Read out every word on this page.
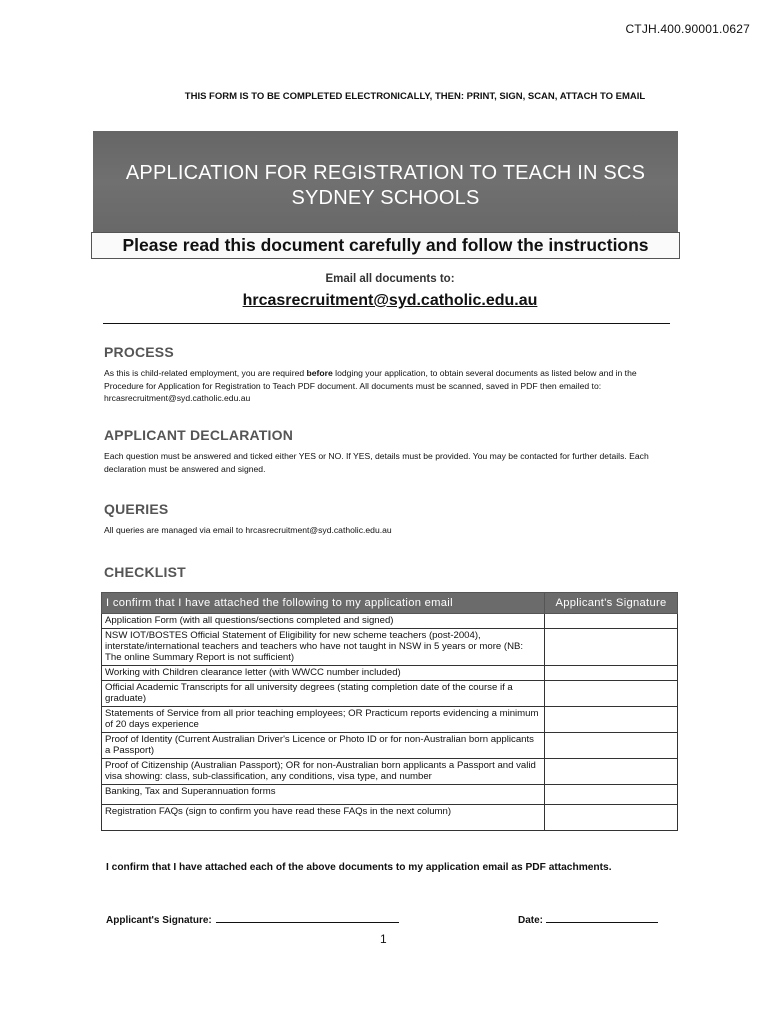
CTJH.400.90001.0627
THIS FORM IS TO BE COMPLETED ELECTRONICALLY, THEN: PRINT, SIGN, SCAN, ATTACH TO EMAIL
APPLICATION FOR REGISTRATION TO TEACH IN SCS
SYDNEY SCHOOLS
Please read this document carefully and follow the instructions
Email all documents to:
hrcasrecruitment@syd.catholic.edu.au
PROCESS

As this is child-related employment, you are required before lodging your application, to obtain several documents as listed below and in the Procedure for Application for Registration to Teach PDF document. All documents must be scanned, saved in PDF then emailed to: hrcasrecruitment@syd.catholic.edu.au

APPLICANT DECLARATION

Each question must be answered and ticked either YES or NO. If YES, details must be provided. You may be contacted for further details. Each declaration must be answered and signed.

QUERIES

All queries are managed via email to hrcasrecruitment@syd.catholic.edu.au

CHECKLIST
I confirm that I have attached the following to my application email	Applicant's Signature
Application Form (with all questions/sections completed and signed)	
NSW IOT/BOSTES Official Statement of Eligibility for new scheme teachers (post-2004), interstate/international teachers and teachers who have not taught in NSW in 5 years or more (NB: The online Summary Report is not sufficient)	
Working with Children clearance letter (with WWCC number included)	
Official Academic Transcripts for all university degrees (stating completion date of the course if a graduate)	
Statements of Service from all prior teaching employees; OR Practicum reports evidencing a minimum of 20 days experience	
Proof of Identity (Current Australian Driver's Licence or Photo ID or for non-Australian born applicants a Passport)	
Proof of Citizenship (Australian Passport); OR for non-Australian born applicants a Passport and valid visa showing: class, sub-classification, any conditions, visa type, and number	
Banking, Tax and Superannuation forms	
Registration FAQs (sign to confirm you have read these FAQs in the next column)	
I confirm that I have attached each of the above documents to my application email as PDF attachments.
Applicant's Signature:	Date:
1
